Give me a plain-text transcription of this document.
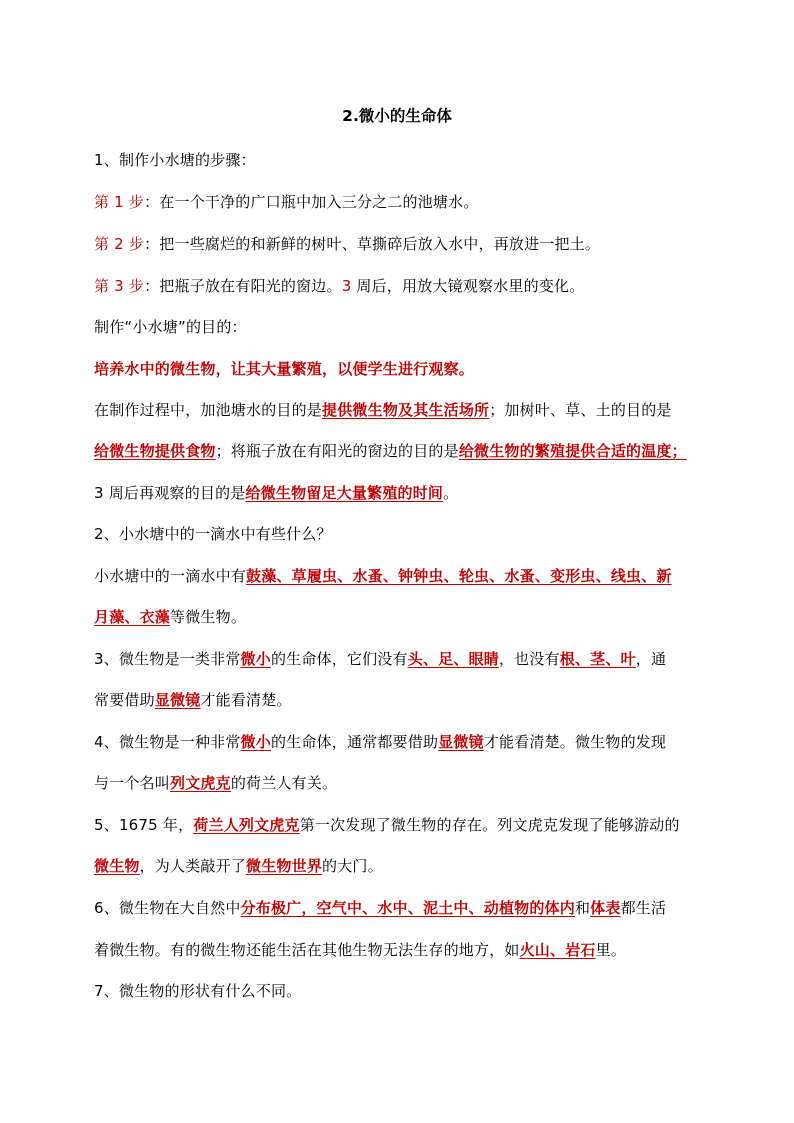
2.微小的生命体
1、制作小水塘的步骤：
第 1 步：在一个干净的广口瓶中加入三分之二的池塘水。
第 2 步：把一些腐烂的和新鲜的树叶、草撕碎后放入水中，再放进一把土。
第 3 步：把瓶子放在有阳光的窗边。3 周后，用放大镜观察水里的变化。
制作“小水塘”的目的：
培养水中的微生物，让其大量繁殖，以便学生进行观察。
在制作过程中，加池塘水的目的是提供微生物及其生活场所；加树叶、草、土的目的是
给微生物提供食物；将瓶子放在有阳光的窗边的目的是给微生物的繁殖提供合适的温度；
3 周后再观察的目的是给微生物留足大量繁殖的时间。
2、小水塘中的一滴水中有些什么？
小水塘中的一滴水中有鼓藻、草履虫、水蚤、钟钟虫、轮虫、水蚤、变形虫、线虫、新
月藻、衣藻等微生物。
3、微生物是一类非常微小的生命体，它们没有头、足、眼睛，也没有根、茎、叶，通
常要借助显微镜才能看清楚。
4、微生物是一种非常微小的生命体，通常都要借助显微镜才能看清楚。微生物的发现
与一个名叫列文虎克的荷兰人有关。
5、1675 年，荷兰人列文虎克第一次发现了微生物的存在。列文虎克发现了能够游动的
微生物，为人类敲开了微生物世界的大门。
6、微生物在大自然中分布极广，空气中、水中、泥土中、动植物的体内和体表都生活
着微生物。有的微生物还能生活在其他生物无法生存的地方，如火山、岩石里。
7、微生物的形状有什么不同。
